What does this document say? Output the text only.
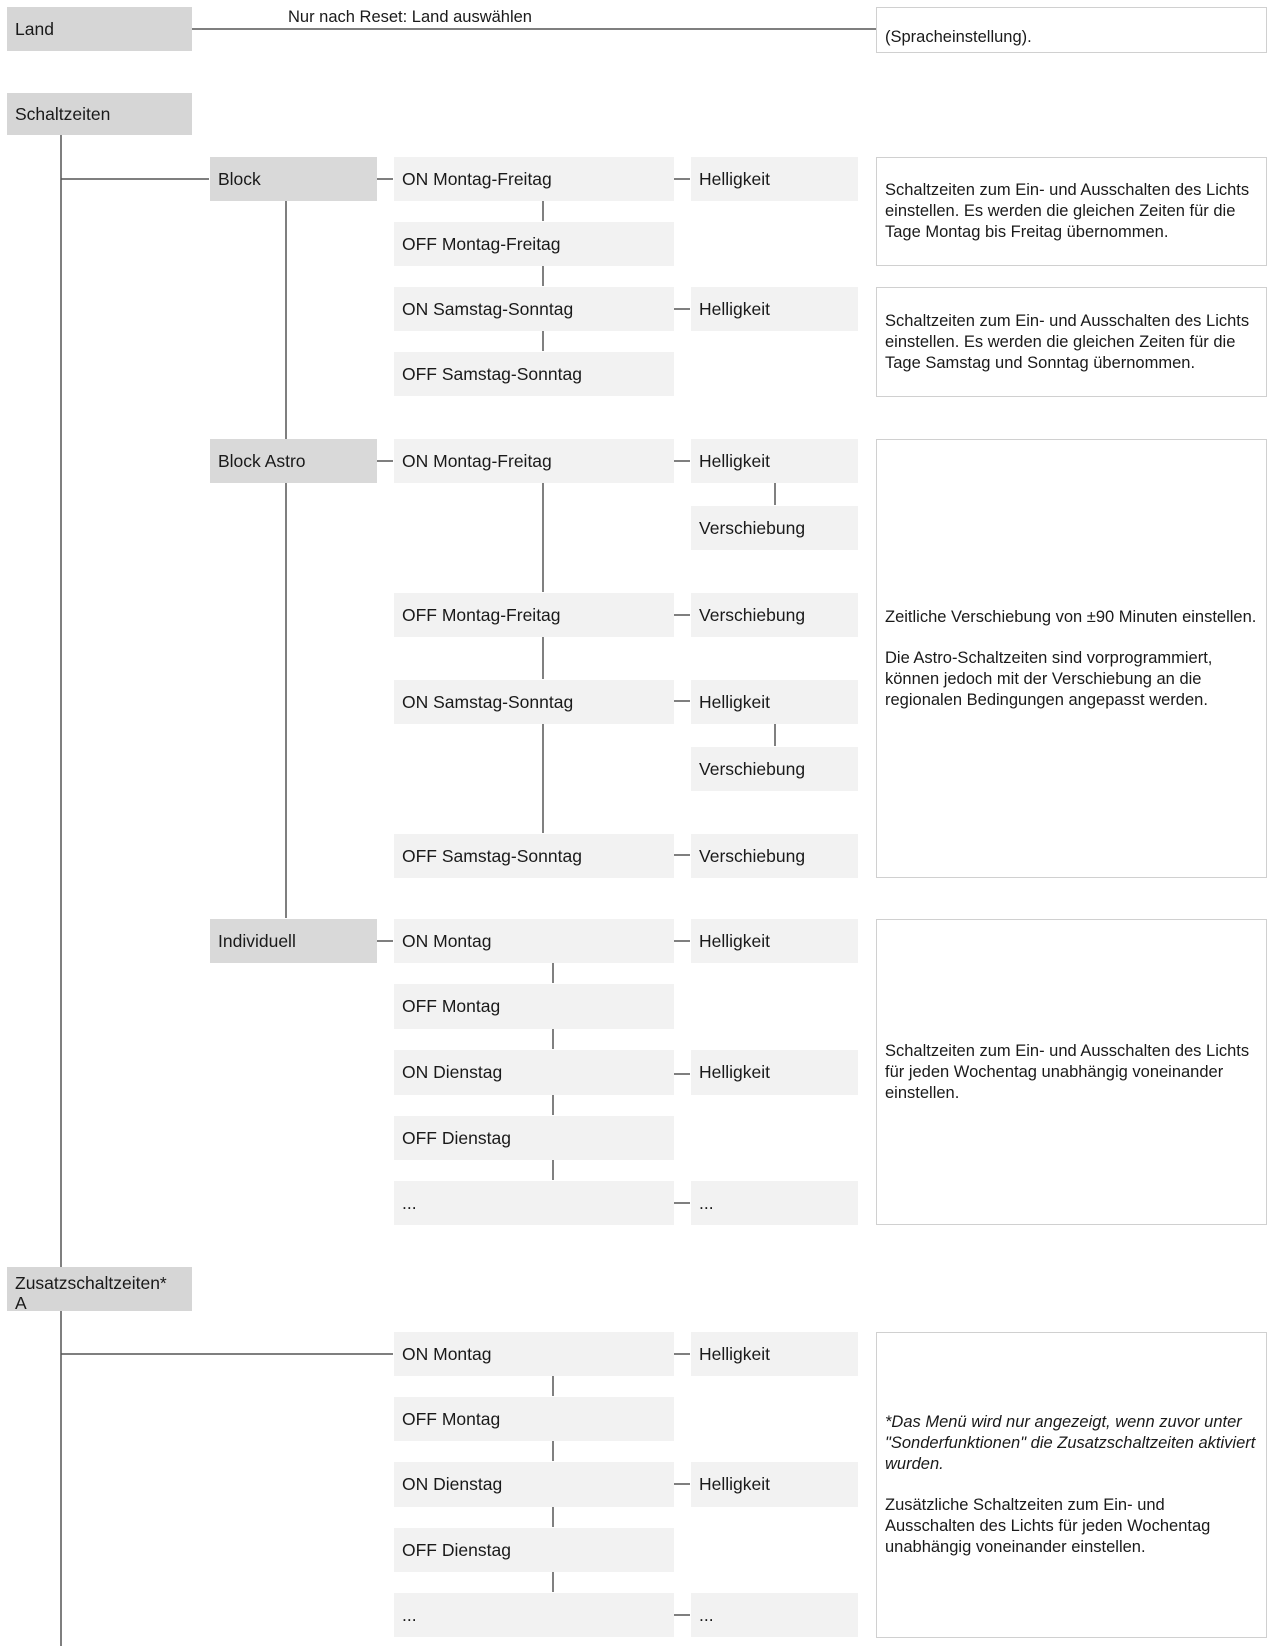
Land
Nur nach Reset: Land auswählen

(Spracheinstellung).

Schaltzeiten
Block	ON Montag-Freitag
OFF Montag-Freitag
ON Samstag-Sonntag
OFF Samstag-Sonntag
Helligkeit
Helligkeit

Schaltzeiten zum Ein- und Ausschalten des Lichts einstellen. Es werden die gleichen Zeiten für die Tage Montag bis Freitag übernommen.

Schaltzeiten zum Ein- und Ausschalten des Lichts einstellen. Es werden die gleichen Zeiten für die Tage Samstag und Sonntag übernommen.

Block Astro	ON Montag-Freitag
OFF Montag-Freitag
ON Samstag-Sonntag
OFF Samstag-Sonntag
Helligkeit
Verschiebung
Verschiebung
Helligkeit
Verschiebung
Verschiebung

Zeitliche Verschiebung von ±90 Minuten einstellen.

Die Astro-Schaltzeiten sind vorprogrammiert, können jedoch mit der Verschiebung an die regionalen Bedingungen angepasst werden.

Individuell	ON Montag
OFF Montag
ON Dienstag
OFF Dienstag
...
Helligkeit
Helligkeit
...

Schaltzeiten zum Ein- und Ausschalten des Lichts für jeden Wochentag unabhängig voneinander einstellen.

Zusatzschaltzeiten*
A
ON Montag
OFF Montag
ON Dienstag
OFF Dienstag
...
Helligkeit
Helligkeit
...

*Das Menü wird nur angezeigt, wenn zuvor unter "Sonderfunktionen" die Zusatzschaltzeiten aktiviert wurden.

Zusätzliche Schaltzeiten zum Ein- und Ausschalten des Lichts für jeden Wochentag unabhängig voneinander einstellen.
